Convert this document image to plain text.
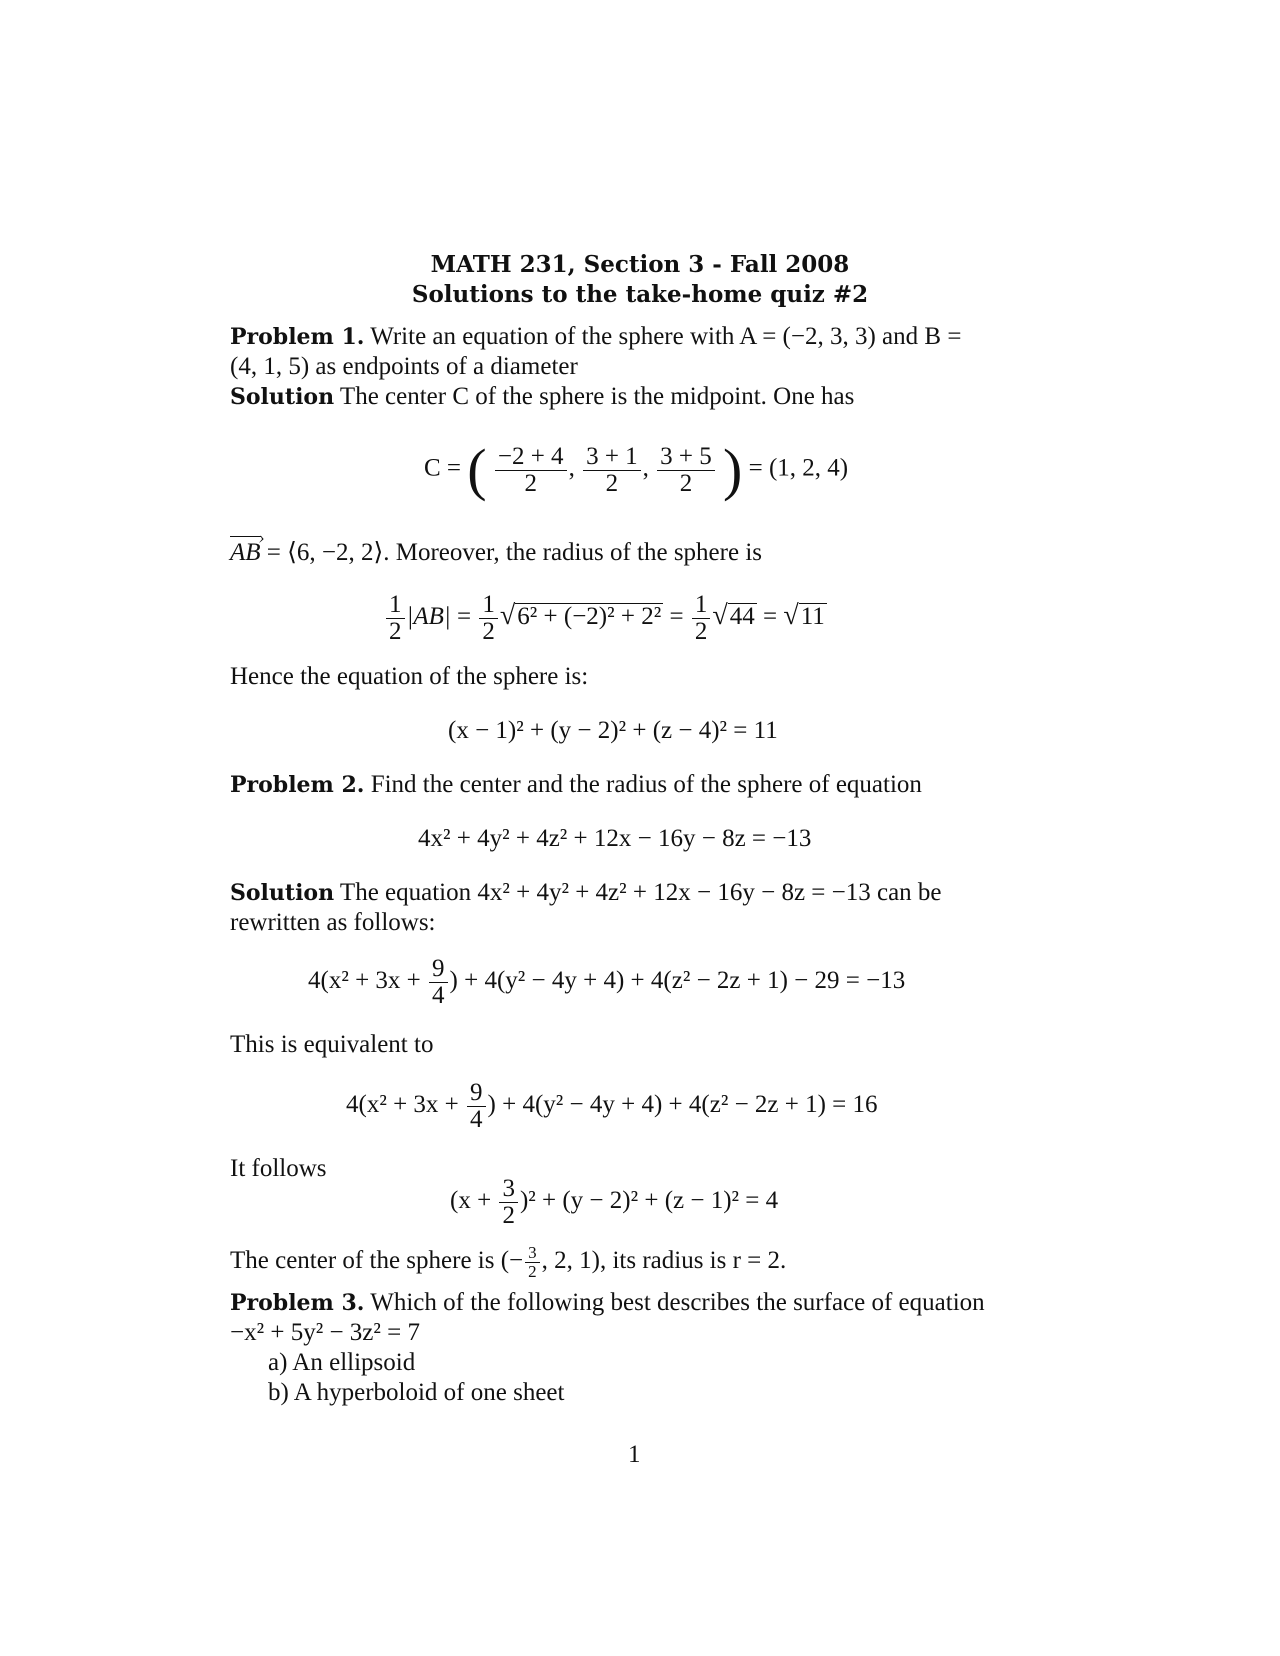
MATH 231, Section 3 - Fall 2008
Solutions to the take-home quiz #2
Problem 1. Write an equation of the sphere with A = (−2, 3, 3) and B =
(4, 1, 5) as endpoints of a diameter
Solution The center C of the sphere is the midpoint. One has
C = ( $\frac{-2 + 4}{2}$ , $\frac{3 + 1}{2}$ , $\frac{3 + 5}{2}$ ) = (1, 2, 4)
AB › = ⟨6, −2, 2⟩. Moreover, the radius of the sphere is
$\frac{1}{2} |AB| = \frac{1}{2} √6^2 + (-2)^2 + 2^2 = \frac{1}{2} √44 = √11$
Hence the equation of the sphere is:
(x − 1)² + (y − 2)² + (z − 4)² = 11
Problem 2. Find the center and the radius of the sphere of equation
4x² + 4y² + 4z² + 12x − 16y − 8z = −13
Solution The equation 4x² + 4y² + 4z² + 12x − 16y − 8z = −13 can be
rewritten as follows:
$4(x^2 + 3x + \frac{9}{4}$ ) + 4(y² − 4y + 4) + 4(z² − 2z + 1) − 29 = −13
This is equivalent to
$4(x^2 + 3x + \frac{9}{4}$ ) + 4(y² − 4y + 4) + 4(z² − 2z + 1) = 16
It follows
$(x + \frac{3}{2} )^2 + (y - 2)^2 + (z - 1)^2 = 4$
The center of the sphere is (− $\frac{3}{2}$ , 2, 1), its radius is r = 2.
Problem 3. Which of the following best describes the surface of equation
−x² + 5y² − 3z² = 7
a) An ellipsoid
b) A hyperboloid of one sheet
1
